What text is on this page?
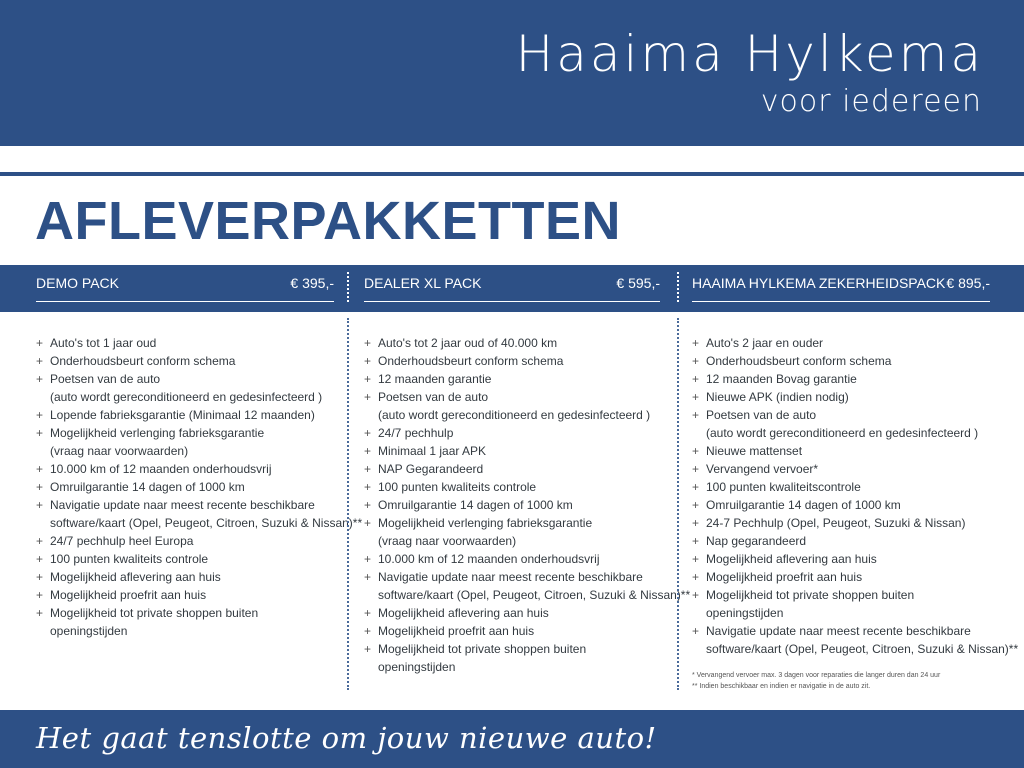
Haaima Hylkema
voor iedereen
AFLEVERPAKKETTEN
DEMO PACK	€ 395,- DEALER XL PACK	€ 595,- HAAIMA HYLKEMA ZEKERHEIDSPACK € 895,-
+ Auto's tot 1 jaar oud
+ Onderhoudsbeurt conform schema
+ Poetsen van de auto
(auto wordt gereconditioneerd en gedesinfecteerd )
+ Lopende fabrieksgarantie (Minimaal 12 maanden)
+ Mogelijkheid verlenging fabrieksgarantie
(vraag naar voorwaarden)
+ 10.000 km of 12 maanden onderhoudsvrij
+ Omruilgarantie 14 dagen of 1000 km
+ Navigatie update naar meest recente beschikbare
software/kaart (Opel, Peugeot, Citroen, Suzuki & Nissan)**
+ 24/7 pechhulp heel Europa
+ 100 punten kwaliteits controle
+ Mogelijkheid aflevering aan huis
+ Mogelijkheid proefrit aan huis
+ Mogelijkheid tot private shoppen buiten
openingstijden
+ Auto's tot 2 jaar oud of 40.000 km
+ Onderhoudsbeurt conform schema
+ 12 maanden garantie
+ Poetsen van de auto
(auto wordt gereconditioneerd en gedesinfecteerd )
+ 24/7 pechhulp
+ Minimaal 1 jaar APK
+ NAP Gegarandeerd
+ 100 punten kwaliteits controle
+ Omruilgarantie 14 dagen of 1000 km
+ Mogelijkheid verlenging fabrieksgarantie
(vraag naar voorwaarden)
+ 10.000 km of 12 maanden onderhoudsvrij
+ Navigatie update naar meest recente beschikbare
software/kaart (Opel, Peugeot, Citroen, Suzuki & Nissan)**
+ Mogelijkheid aflevering aan huis
+ Mogelijkheid proefrit aan huis
+ Mogelijkheid tot private shoppen buiten
openingstijden
+ Auto's 2 jaar en ouder
+ Onderhoudsbeurt conform schema
+ 12 maanden Bovag garantie
+ Nieuwe APK (indien nodig)
+ Poetsen van de auto
(auto wordt gereconditioneerd en gedesinfecteerd )
+ Nieuwe mattenset
+ Vervangend vervoer*
+ 100 punten kwaliteitscontrole
+ Omruilgarantie 14 dagen of 1000 km
+ 24-7 Pechhulp (Opel, Peugeot, Suzuki & Nissan)
+ Nap gegarandeerd
+ Mogelijkheid aflevering aan huis
+ Mogelijkheid proefrit aan huis
+ Mogelijkheid tot private shoppen buiten
openingstijden
+ Navigatie update naar meest recente beschikbare
software/kaart (Opel, Peugeot, Citroen, Suzuki & Nissan)**
* Vervangend vervoer max. 3 dagen voor reparaties die langer duren dan 24 uur
** Indien beschikbaar en indien er navigatie in de auto zit.
Het gaat tenslotte om jouw nieuwe auto!
